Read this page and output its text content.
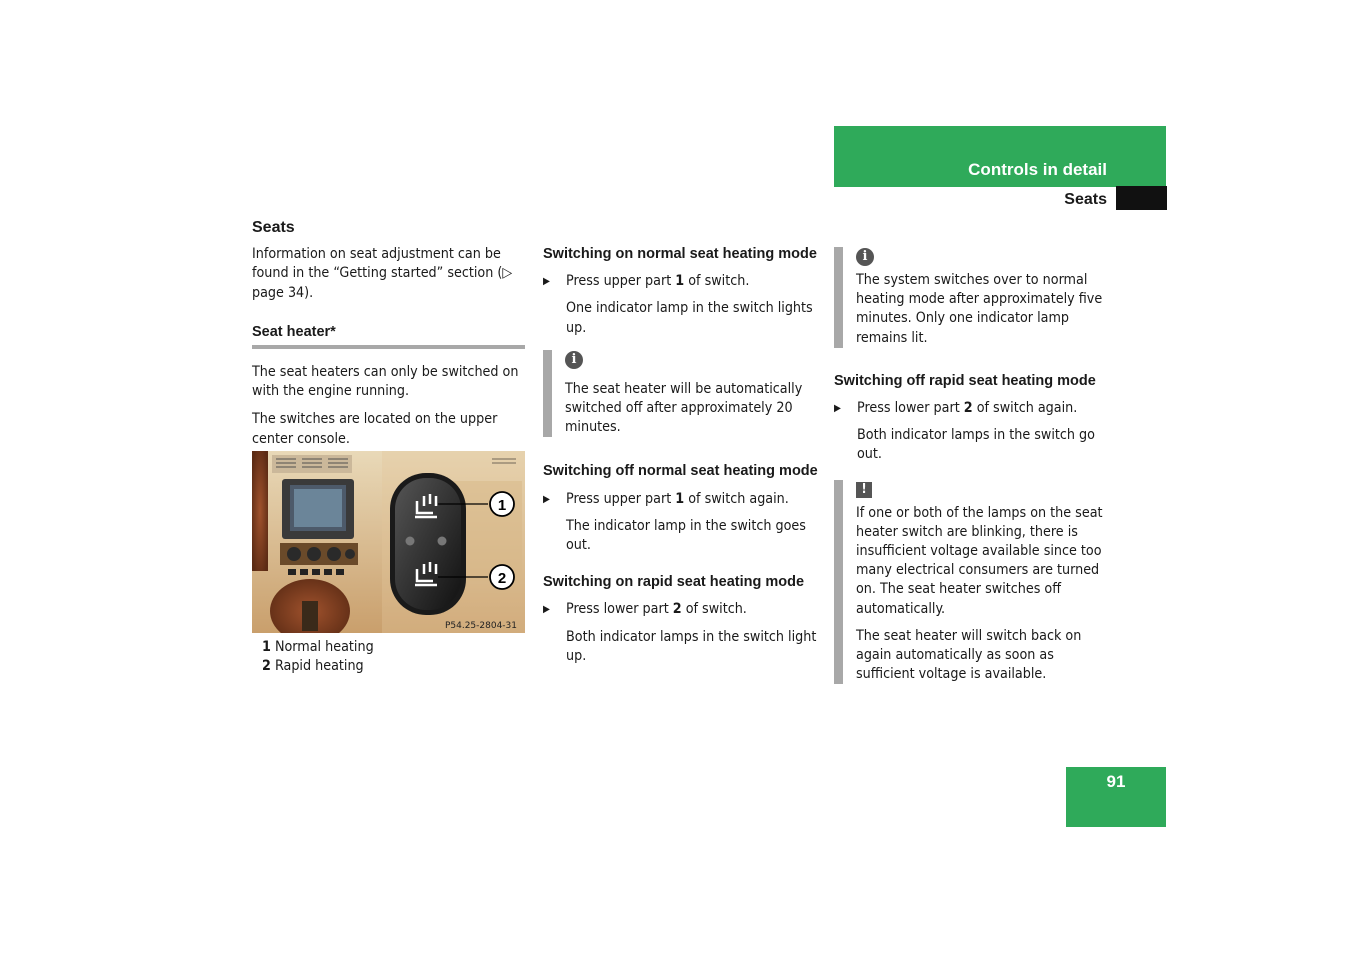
Controls in detail
Seats

Seats

Information on seat adjustment can be found in the “Getting started” section (▷ page 34).

Seat heater*

The seat heaters can only be switched on with the engine running.

The switches are located on the upper center console.

1
2
P54.25-2804-31

1 Normal heating

2 Rapid heating

Switching on normal seat heating mode

▶ Press upper part 1 of switch.

One indicator lamp in the switch lights up.

i

The seat heater will be automatically switched off after approximately 20 minutes.

Switching off normal seat heating mode

▶ Press upper part 1 of switch again.

The indicator lamp in the switch goes out.

Switching on rapid seat heating mode

▶ Press lower part 2 of switch.

Both indicator lamps in the switch light up.

i

The system switches over to normal heating mode after approximately five minutes. Only one indicator lamp remains lit.

Switching off rapid seat heating mode

▶ Press lower part 2 of switch again.

Both indicator lamps in the switch go out.

!

If one or both of the lamps on the seat heater switch are blinking, there is insufficient voltage available since too many electrical consumers are turned on. The seat heater switches off automatically.

The seat heater will switch back on again automatically as soon as sufficient voltage is available.

91
